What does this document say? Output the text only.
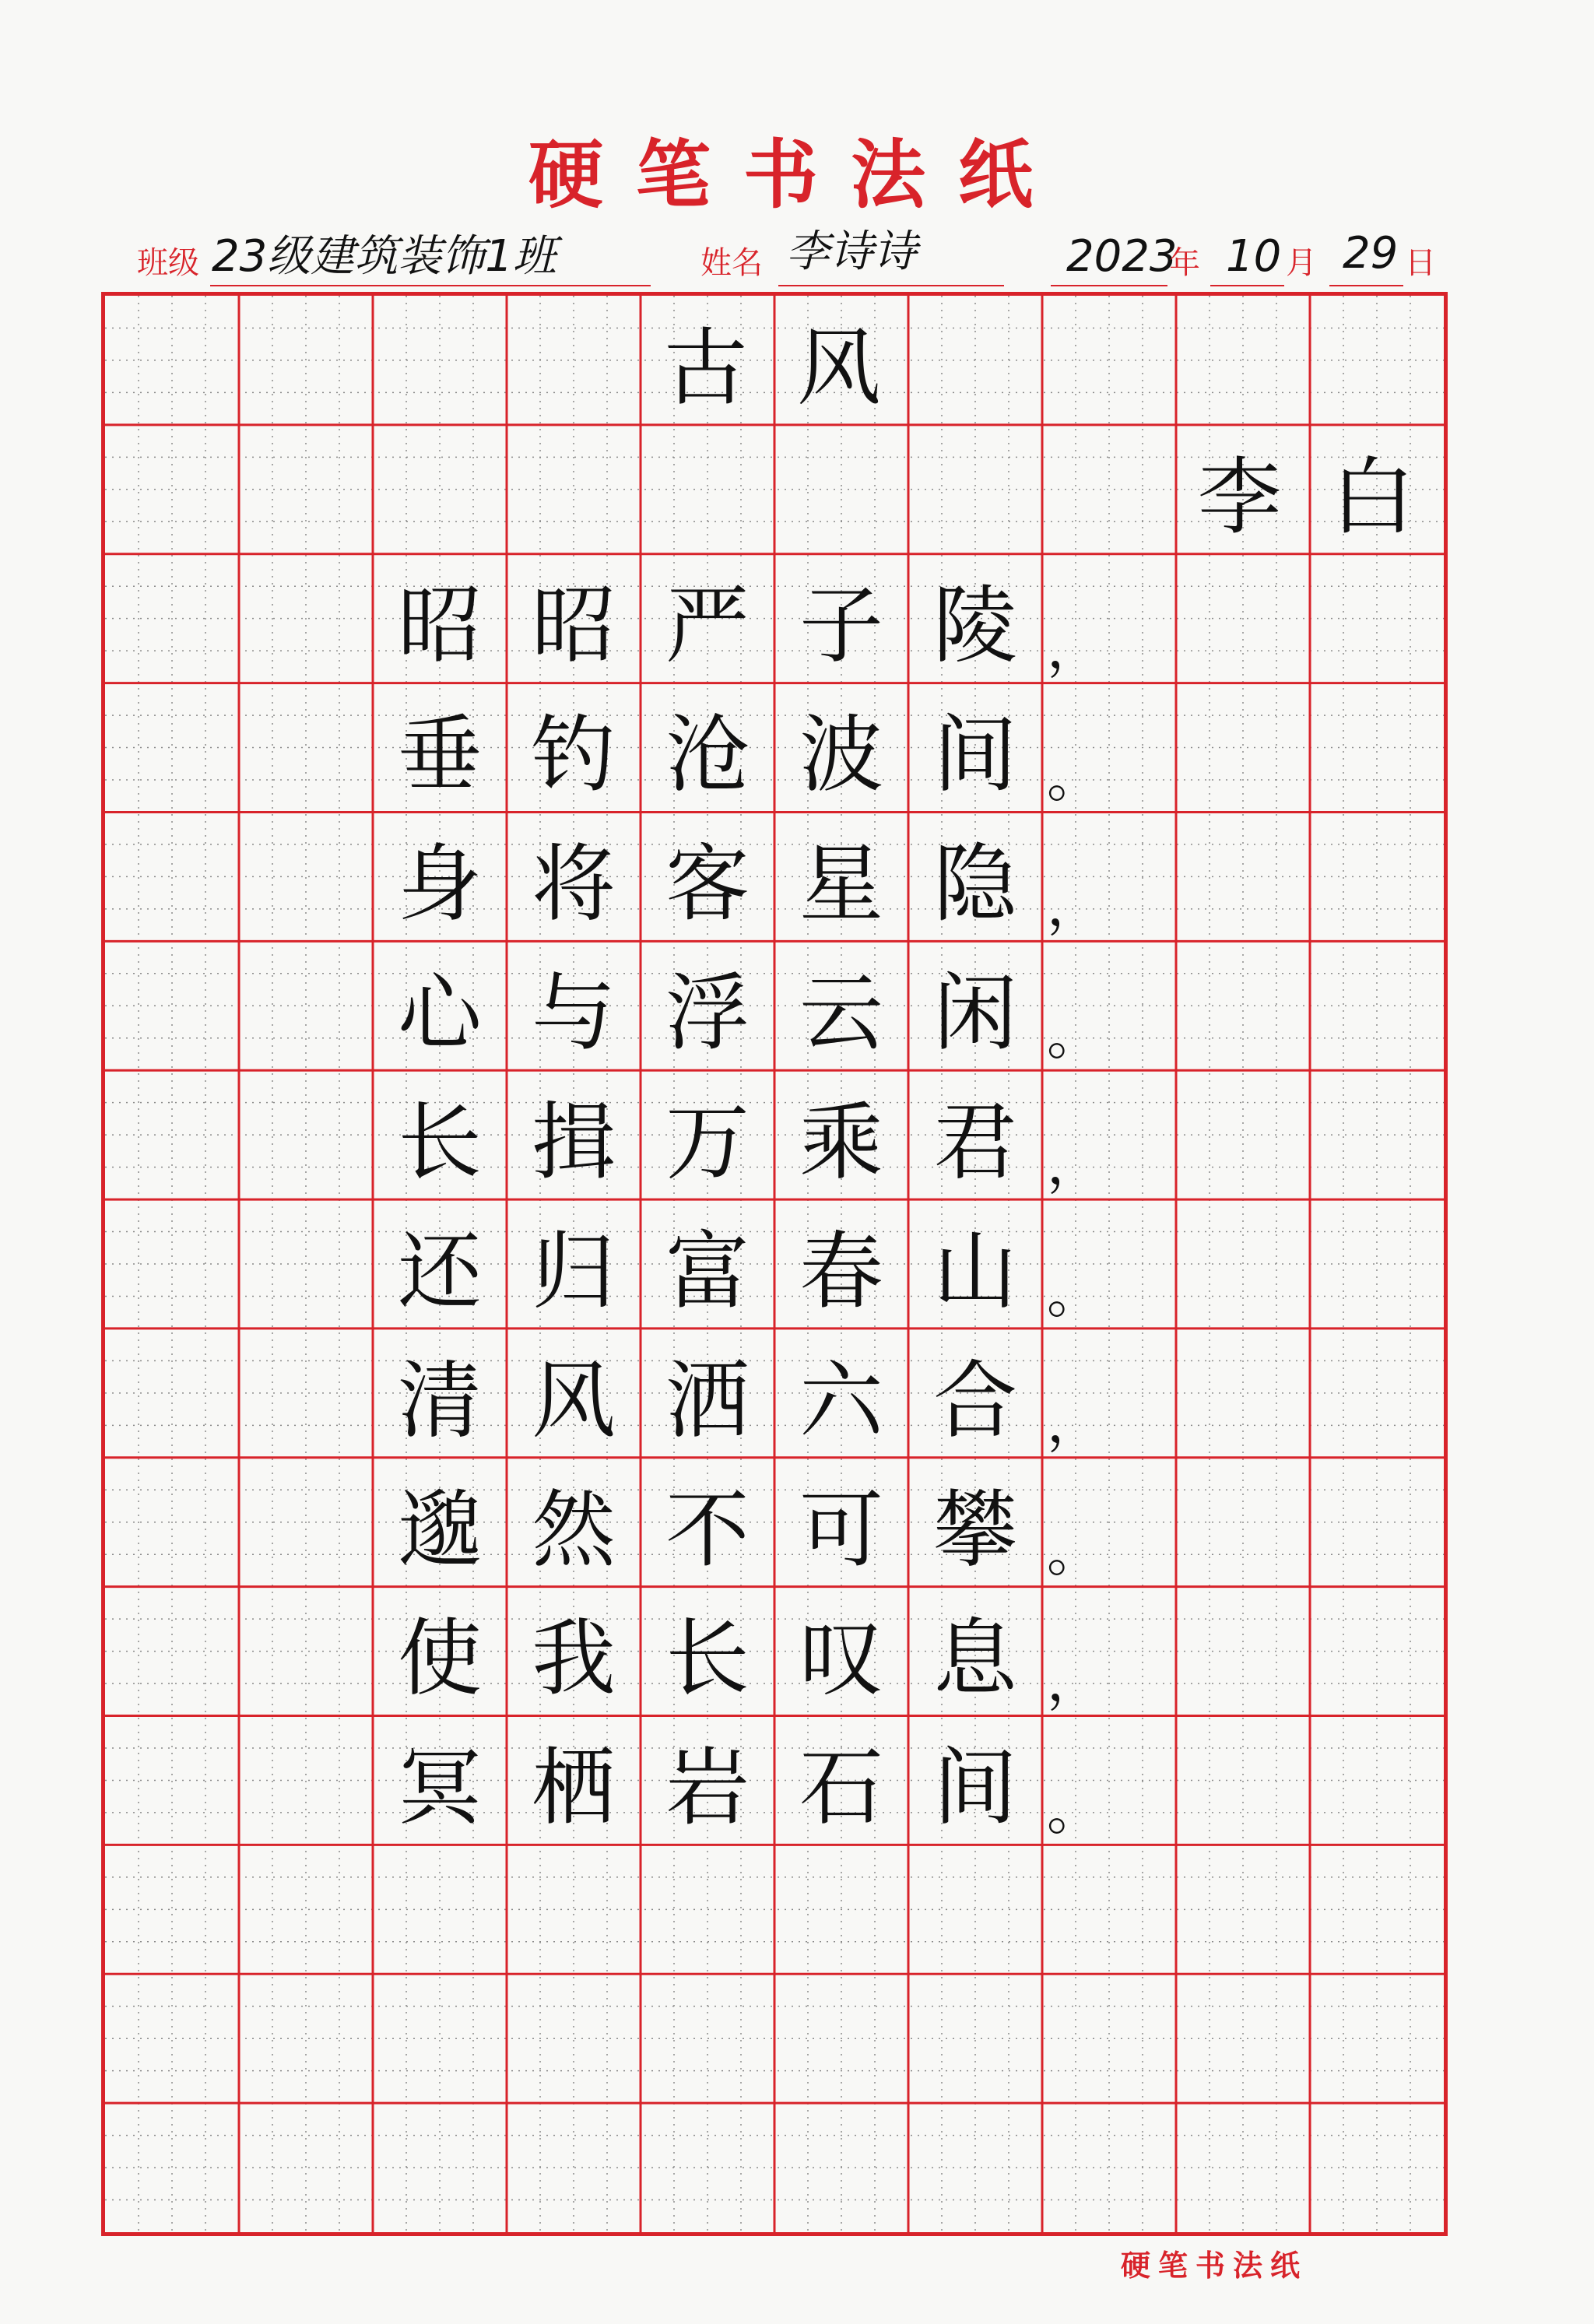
硬笔书法纸
班级 23级建筑装饰1班	姓名 李诗诗	2023
年 10 月 29 日
古 风
李 白
昭 昭 严 子 陵 ，
垂 钓 沧 波 间 。
身 将 客 星 隐 ，
心 与 浮 云 闲 。
长 揖 万 乘 君 ，
还 归 富 春 山 。
清 风 洒 六 合 ，
邈 然 不 可 攀 。
使 我 长 叹 息 ，
冥 栖 岩 石 间 。
硬笔书法纸
